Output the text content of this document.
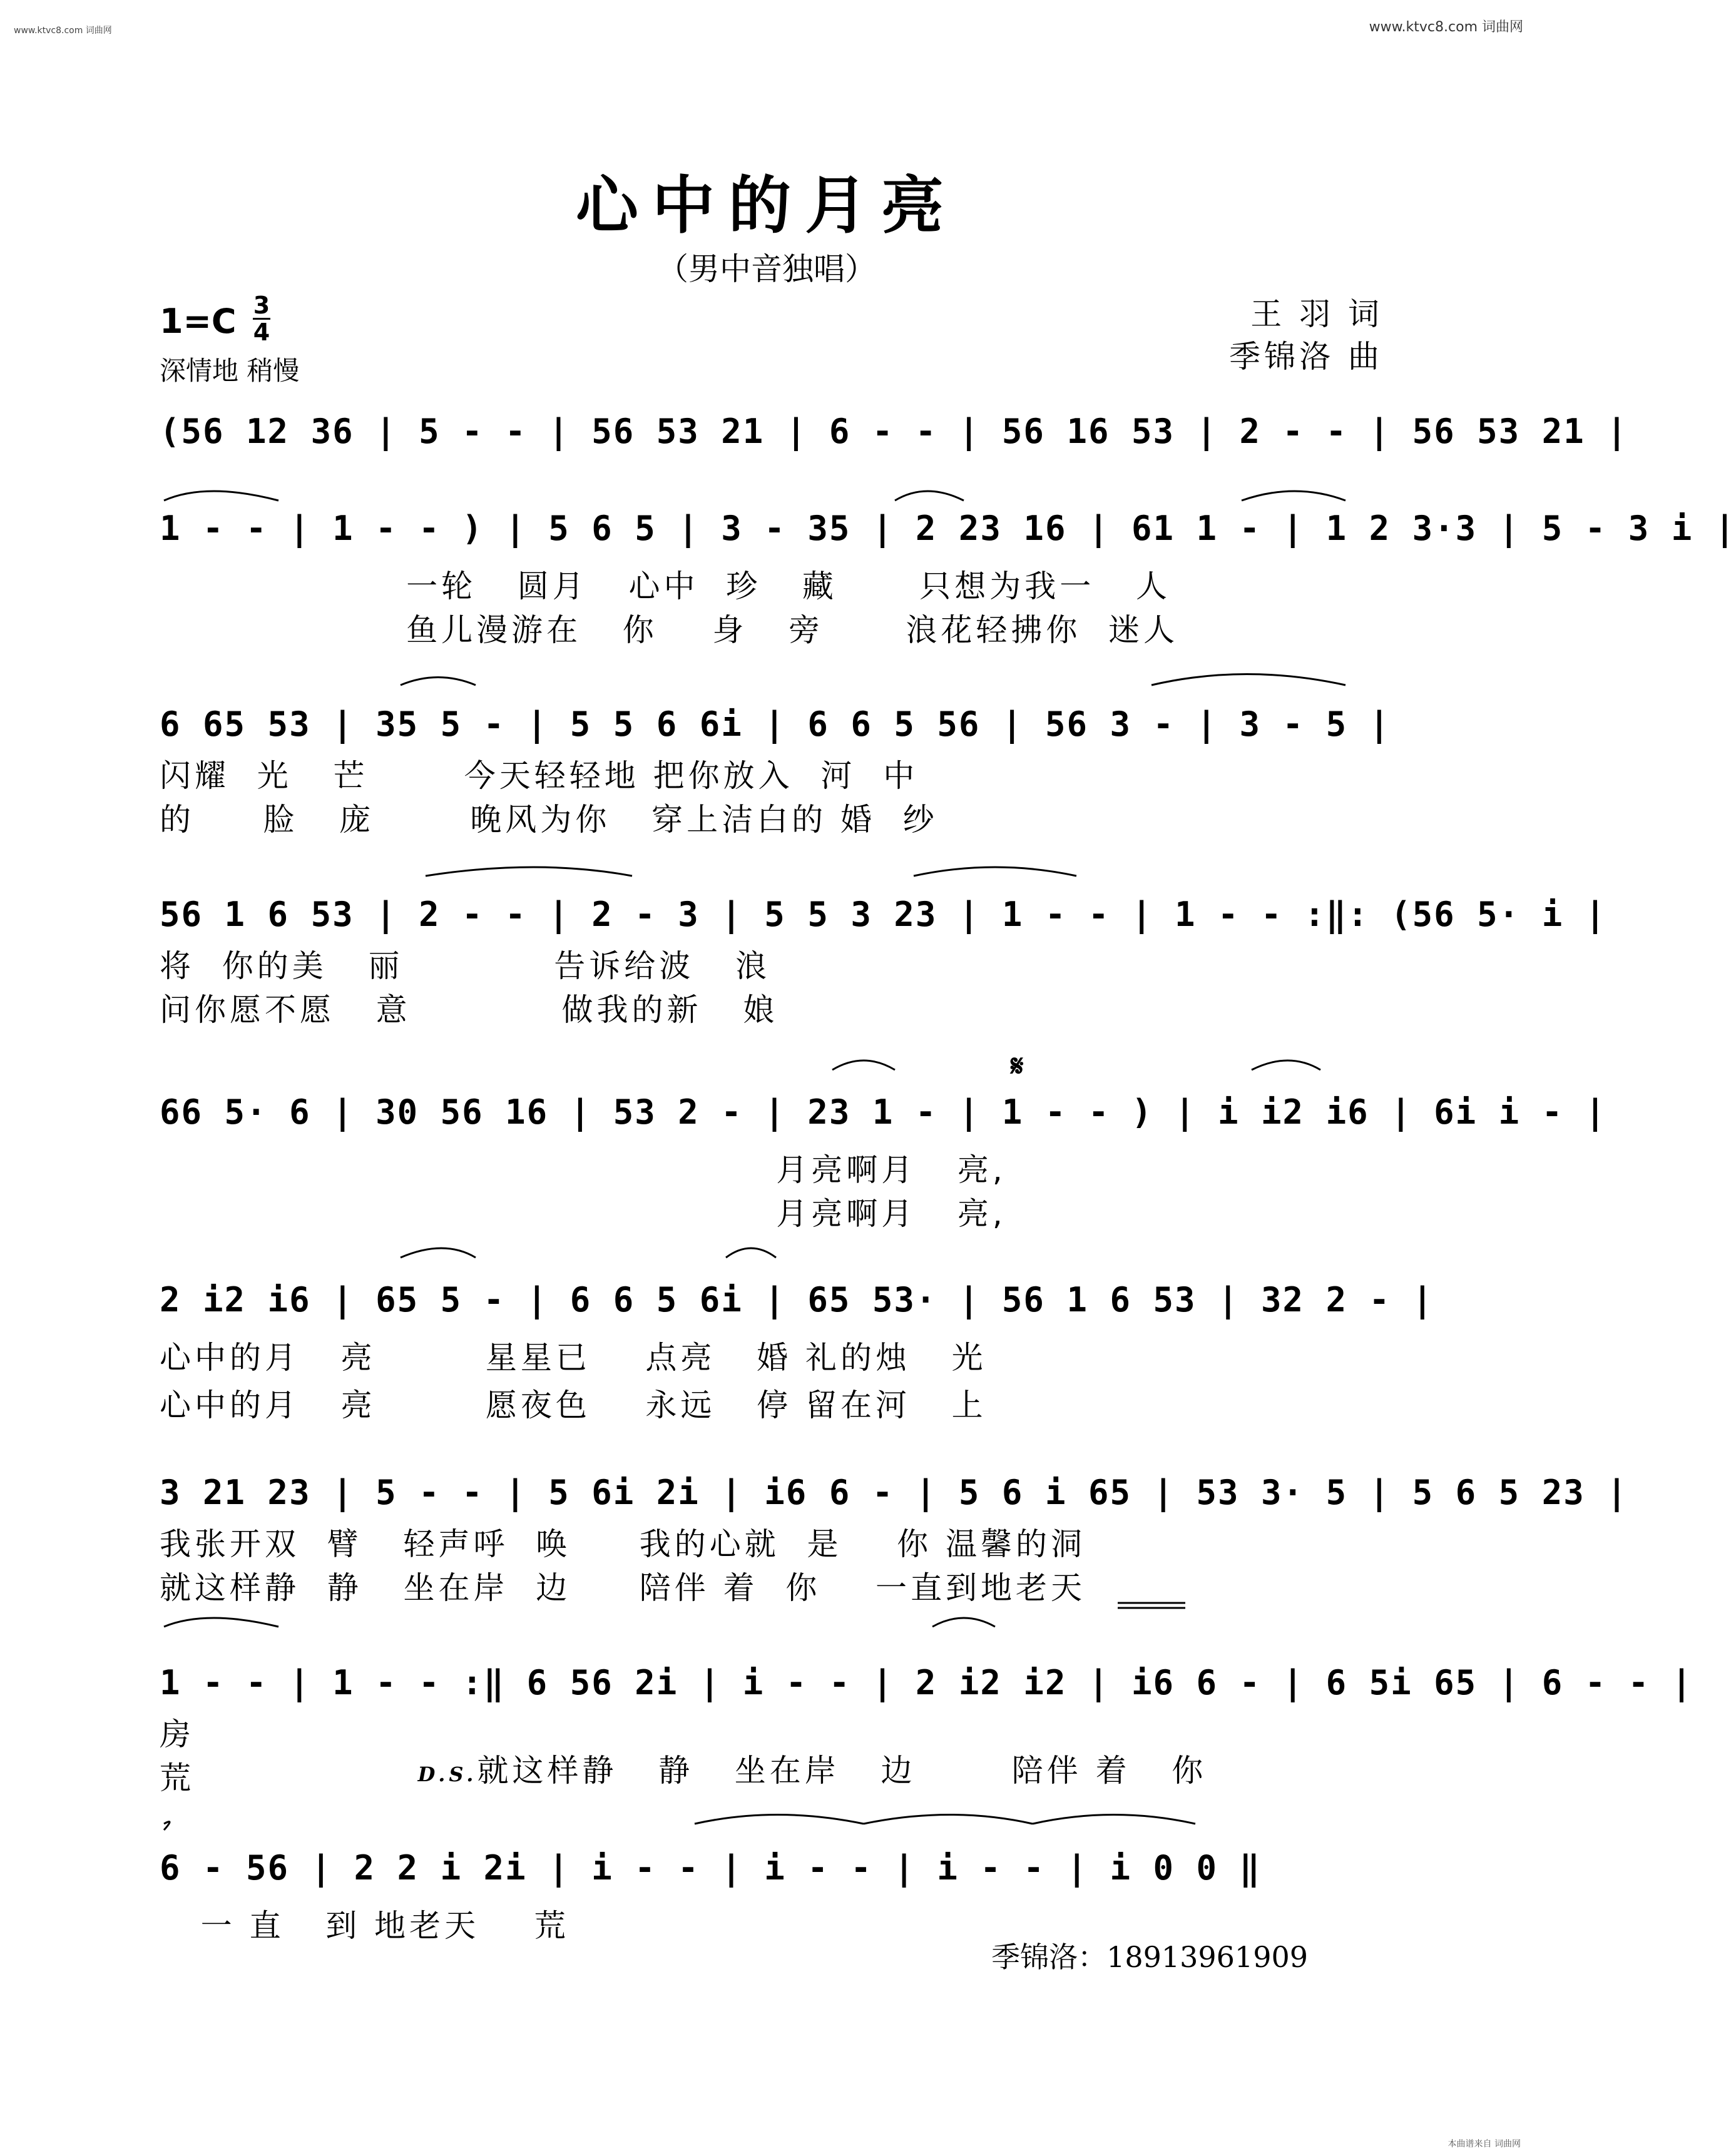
www.ktvc8.com 词曲网	www.ktvc8.com 词曲网
心中的月亮
（男中音独唱）
1=C 3
4
深情地 稍慢
王 羽 词
季锦洛 曲
(56 12 36 | 5 - - | 56 53 21 | 6 - - | 56 16 53 | 2 - - | 56 53 21 |
1 - - | 1 - - ) | 5 6 5 | 3 - 35 | 2 23 16 | 61 1 - | 1 2 3·3 | 5 - 3 i |
一轮   圆月   心中  珍   藏      只想为我一   人
鱼儿漫游在   你    身   旁      浪花轻拂你  迷人
6 65 53 | 35 5 - | 5 5 6 6i | 6 6 5 56 | 56 3 - | 3 - 5 |
闪耀  光   芒       今天轻轻地 把你放入  河  中
的     脸   庞       晚风为你   穿上洁白的 婚  纱
56 1 6 53 | 2 - - | 2 - 3 | 5 5 3 23 | 1 - - | 1 - - :‖: (56 5· i |
将  你的美   丽           告诉给波   浪
问你愿不愿   意           做我的新   娘
𝄋
66 5· 6 | 30 56 16 | 53 2 - | 23 1 - | 1 - - ) | i i2 i6 | 6i i - |
月亮啊月   亮,
月亮啊月   亮,
2 i2 i6 | 65 5 - | 6 6 5 6i | 65 53· | 56 1 6 53 | 32 2 - |
心中的月   亮        星星已    点亮   婚 礼的烛   光
心中的月   亮        愿夜色    永远   停 留在河   上
3 21 23 | 5 - - | 5 6i 2i | i6 6 - | 5 6 i 65 | 53 3· 5 | 5 6 5 23 |
我张开双  臂   轻声呼  唤     我的心就  是    你 温馨的洞
就这样静  静   坐在岸  边     陪伴 着  你    一直到地老天
1 - - | 1 - - :‖ 6 56 2i | i - - | 2 i2 i2 | i6 6 - | 6 5i 65 | 6 - - |
房
荒	D.S.就这样静   静   坐在岸   边       陪伴 着   你

6 - 56 | 2 2 i 2i | i - - | i - - | i - - | i 0 0 ‖
一 直   到 地老天    荒
季锦洛：18913961909
本曲谱来自 词曲网
